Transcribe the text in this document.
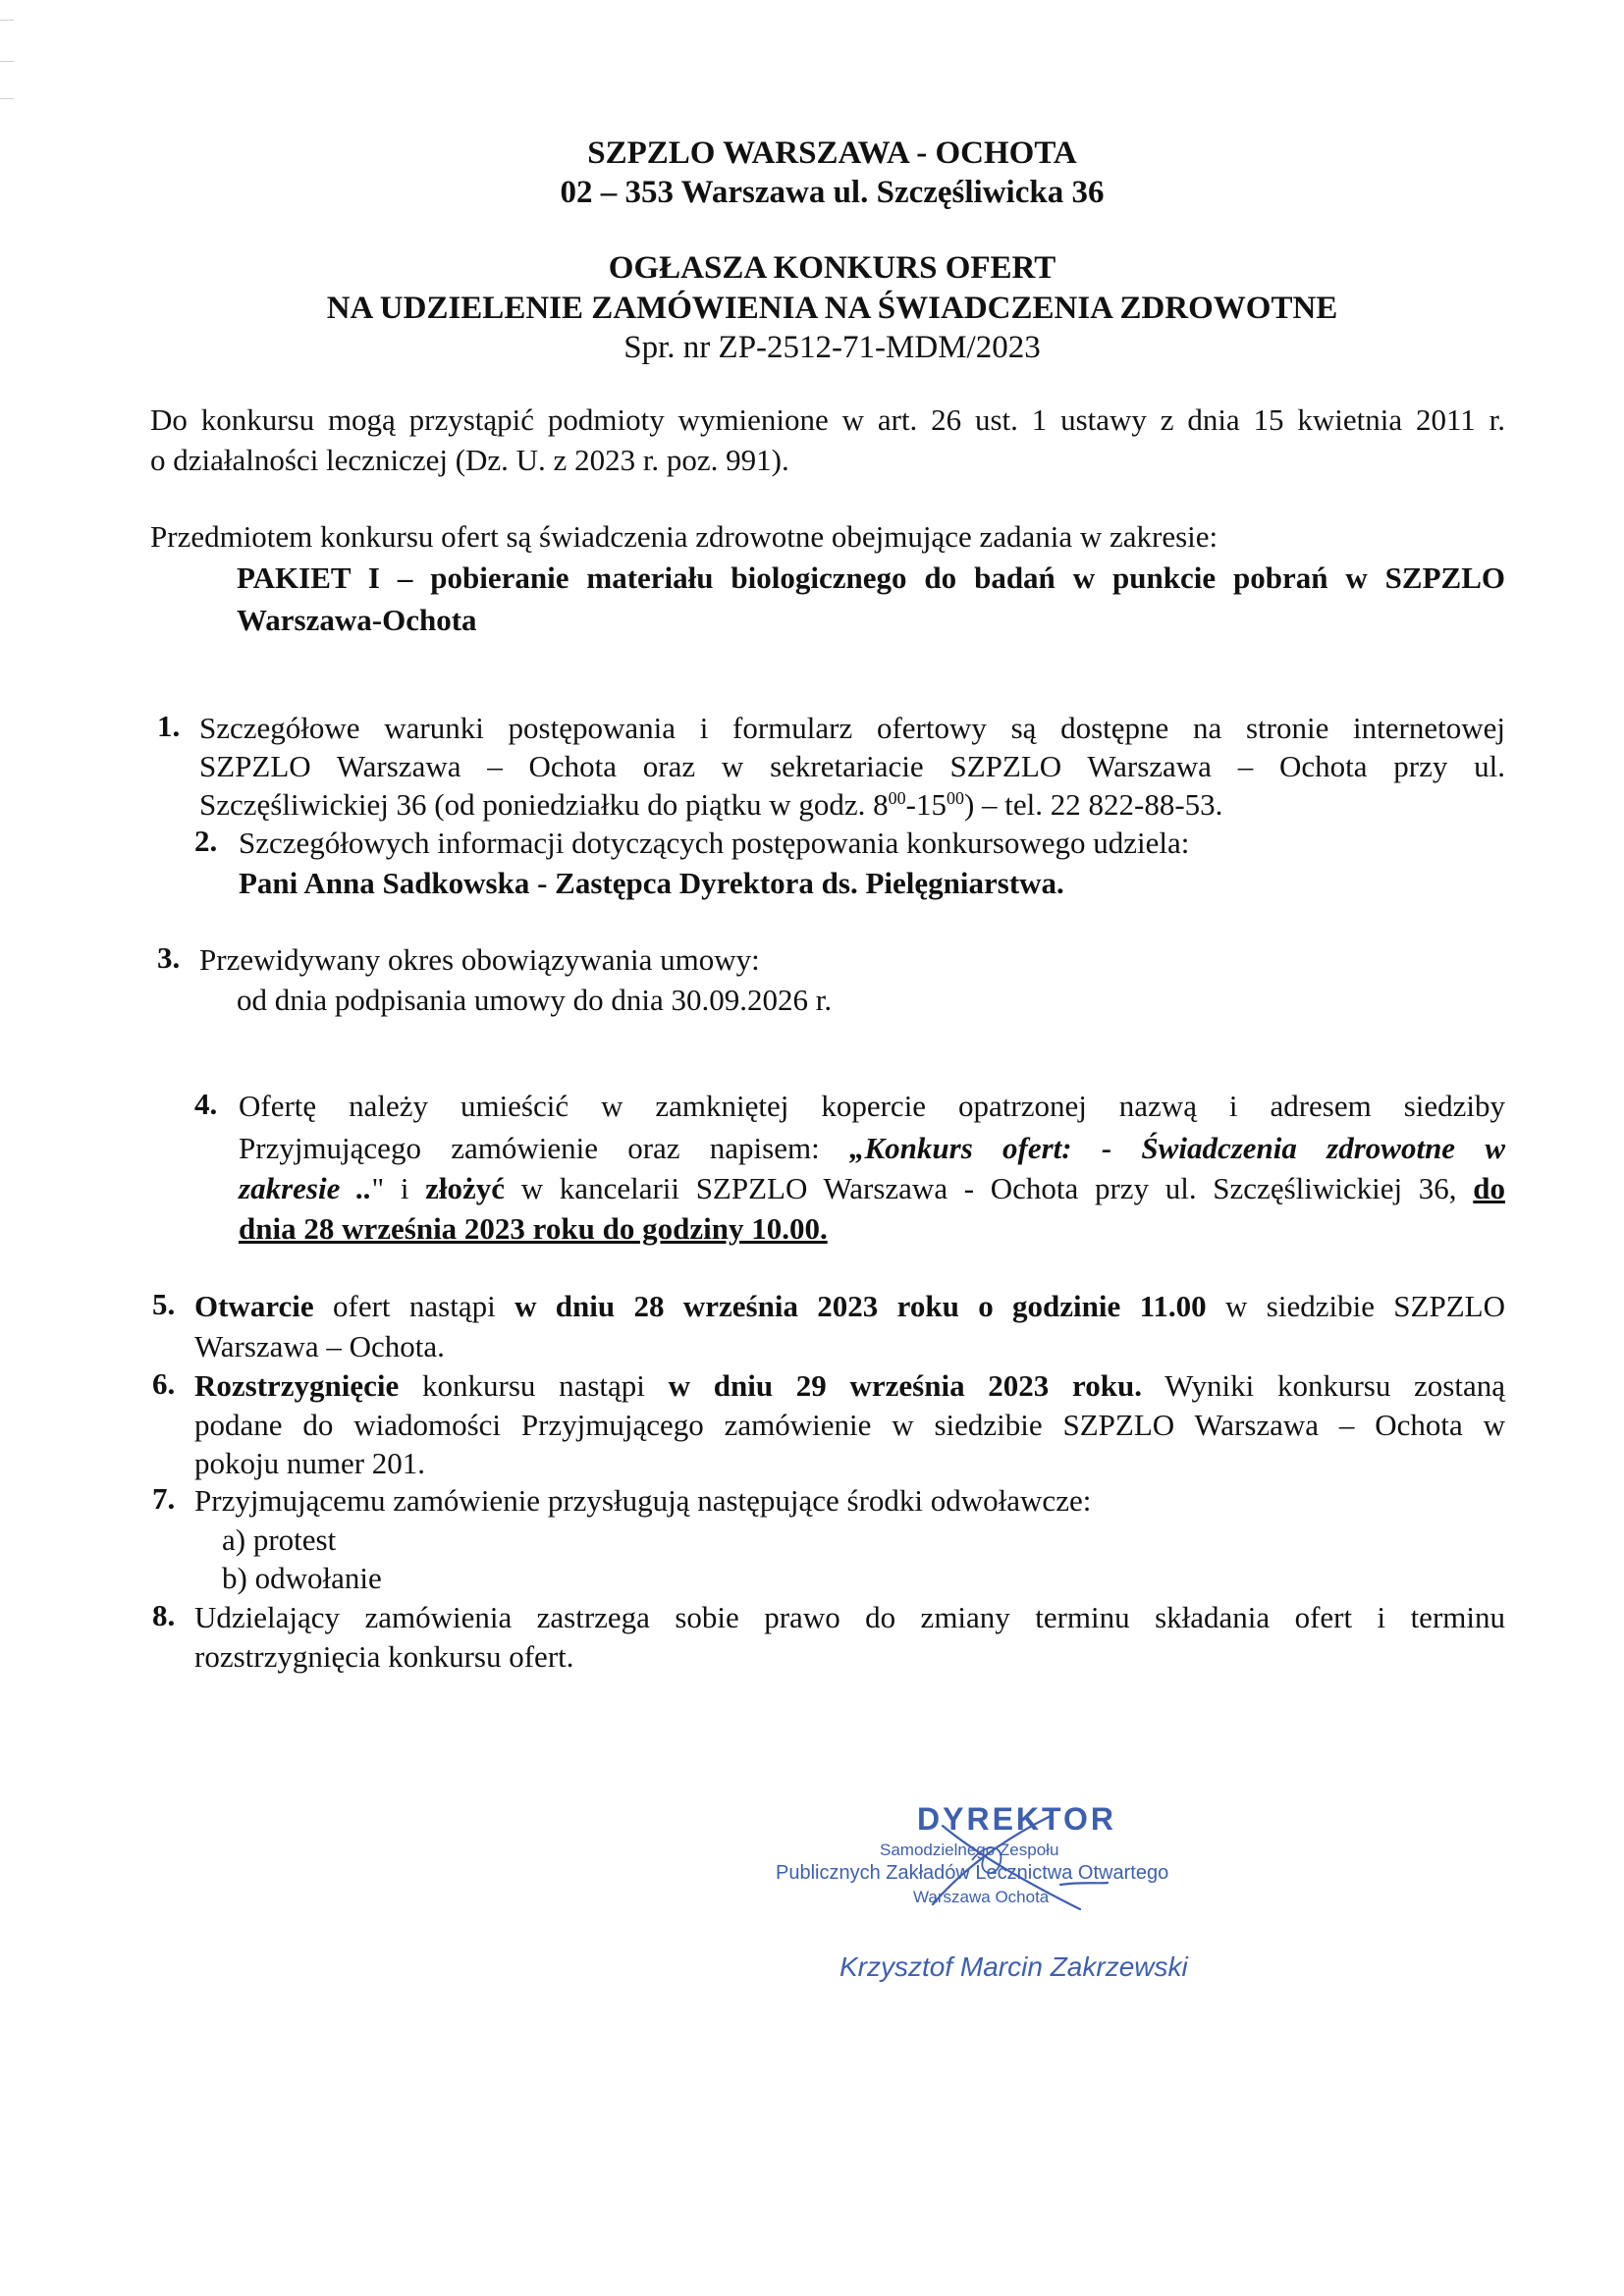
SZPZLO WARSZAWA - OCHOTA
02 – 353 Warszawa ul. Szczęśliwicka 36
OGŁASZA KONKURS OFERT
NA UDZIELENIE ZAMÓWIENIA NA ŚWIADCZENIA ZDROWOTNE
Spr. nr ZP-2512-71-MDM/2023
Do konkursu mogą przystąpić podmioty wymienione w art. 26 ust. 1 ustawy z dnia 15 kwietnia 2011 r.
o działalności leczniczej (Dz. U. z 2023 r. poz. 991).
Przedmiotem konkursu ofert są świadczenia zdrowotne obejmujące zadania w zakresie:
PAKIET I – pobieranie materiału biologicznego do badań w punkcie pobrań w SZPZLO
Warszawa-Ochota
1. Szczegółowe warunki postępowania i formularz ofertowy są dostępne na stronie internetowej
SZPZLO Warszawa – Ochota oraz w sekretariacie SZPZLO Warszawa – Ochota przy ul.
Szczęśliwickiej 36 (od poniedziałku do piątku w godz. $8^{00}-15^{00}$) – tel. 22 822-88-53.
2. Szczegółowych informacji dotyczących postępowania konkursowego udziela:
Pani Anna Sadkowska - Zastępca Dyrektora ds. Pielęgniarstwa.
3. Przewidywany okres obowiązywania umowy:
od dnia podpisania umowy do dnia 30.09.2026 r.
4. Ofertę należy umieścić w zamkniętej kopercie opatrzonej nazwą i adresem siedziby
Przyjmującego zamówienie oraz napisem: „Konkurs ofert: - Świadczenia zdrowotne w
zakresie .." i złożyć w kancelarii SZPZLO Warszawa - Ochota przy ul. Szczęśliwickiej 36, do
dnia 28 września 2023 roku do godziny 10.00.
5. Otwarcie ofert nastąpi w dniu 28 września 2023 roku o godzinie 11.00 w siedzibie SZPZLO
Warszawa – Ochota.
6. Rozstrzygnięcie konkursu nastąpi w dniu 29 września 2023 roku. Wyniki konkursu zostaną
podane do wiadomości Przyjmującego zamówienie w siedzibie SZPZLO Warszawa – Ochota w
pokoju numer 201.
7. Przyjmującemu zamówienie przysługują następujące środki odwoławcze:
a) protest
b) odwołanie
8. Udzielający zamówienia zastrzega sobie prawo do zmiany terminu składania ofert i terminu
rozstrzygnięcia konkursu ofert.
DYREKTOR
Samodzielnego Zespołu
Publicznych Zakładów Lecznictwa Otwartego
Warszawa Ochota
Krzysztof Marcin Zakrzewski
